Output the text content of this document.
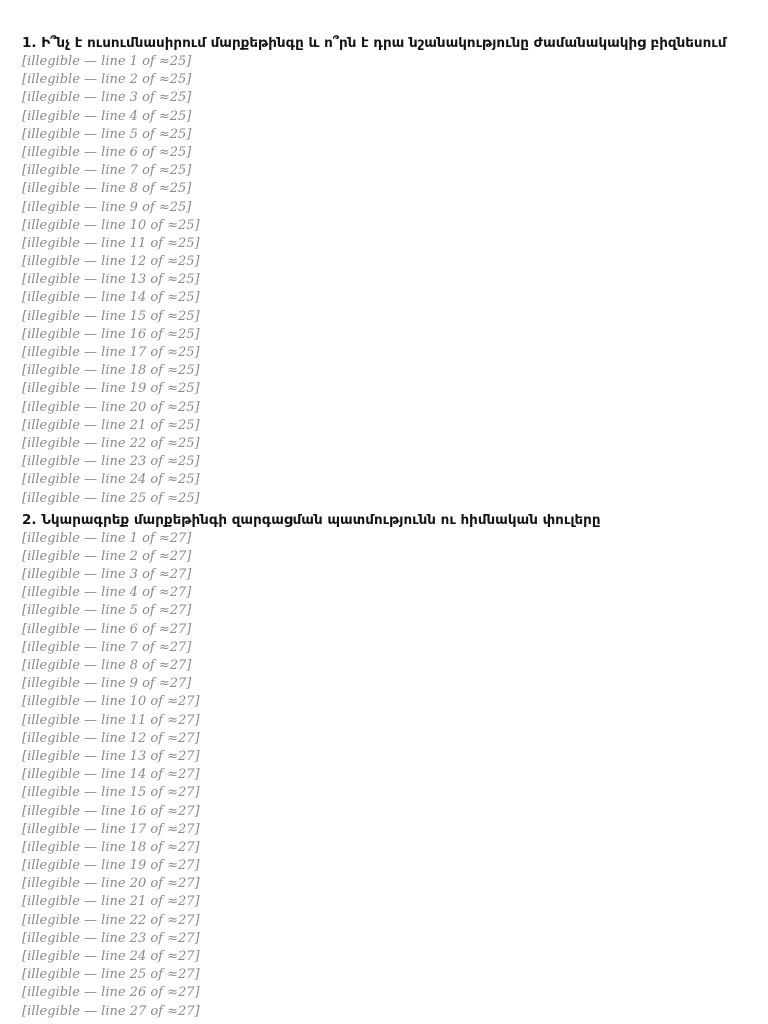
1. Ի՞նչ է ուսումնասիրում մարքեթինգը և ո՞րն է դրա նշանակությունը ժամանակակից բիզնեսում
[illegible — line 1 of ≈25]
[illegible — line 2 of ≈25]
[illegible — line 3 of ≈25]
[illegible — line 4 of ≈25]
[illegible — line 5 of ≈25]
[illegible — line 6 of ≈25]
[illegible — line 7 of ≈25]
[illegible — line 8 of ≈25]
[illegible — line 9 of ≈25]
[illegible — line 10 of ≈25]
[illegible — line 11 of ≈25]
[illegible — line 12 of ≈25]
[illegible — line 13 of ≈25]
[illegible — line 14 of ≈25]
[illegible — line 15 of ≈25]
[illegible — line 16 of ≈25]
[illegible — line 17 of ≈25]
[illegible — line 18 of ≈25]
[illegible — line 19 of ≈25]
[illegible — line 20 of ≈25]
[illegible — line 21 of ≈25]
[illegible — line 22 of ≈25]
[illegible — line 23 of ≈25]
[illegible — line 24 of ≈25]
[illegible — line 25 of ≈25]
2. Նկարագրեք մարքեթինգի զարգացման պատմությունն ու հիմնական փուլերը
[illegible — line 1 of ≈27]
[illegible — line 2 of ≈27]
[illegible — line 3 of ≈27]
[illegible — line 4 of ≈27]
[illegible — line 5 of ≈27]
[illegible — line 6 of ≈27]
[illegible — line 7 of ≈27]
[illegible — line 8 of ≈27]
[illegible — line 9 of ≈27]
[illegible — line 10 of ≈27]
[illegible — line 11 of ≈27]
[illegible — line 12 of ≈27]
[illegible — line 13 of ≈27]
[illegible — line 14 of ≈27]
[illegible — line 15 of ≈27]
[illegible — line 16 of ≈27]
[illegible — line 17 of ≈27]
[illegible — line 18 of ≈27]
[illegible — line 19 of ≈27]
[illegible — line 20 of ≈27]
[illegible — line 21 of ≈27]
[illegible — line 22 of ≈27]
[illegible — line 23 of ≈27]
[illegible — line 24 of ≈27]
[illegible — line 25 of ≈27]
[illegible — line 26 of ≈27]
[illegible — line 27 of ≈27]
